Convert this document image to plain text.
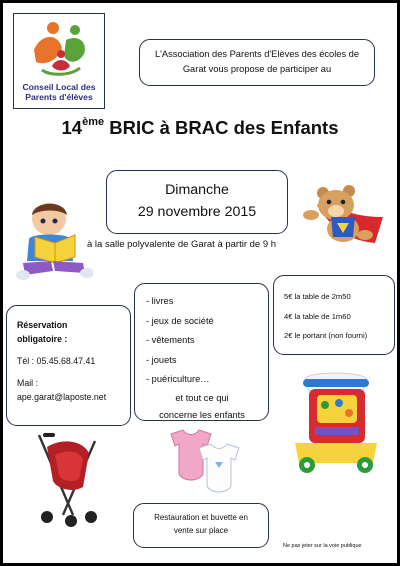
Conseil Local des
Parents d'élèves
L'Association des Parents d'Elèves des écoles de
Garat vous propose de participer au
14ème BRIC à BRAC des Enfants
Dimanche
29 novembre 2015
à la salle polyvalente de Garat à partir de 9 h
Réservation
obligatoire :
Tél : 05.45.68.47.41
Mail :
ape.garat@laposte.net
- livres
- jeux de société
- vêtements
- jouets
- puériculture…
et tout ce qui
concerne les enfants
5€ la table de 2m50
4€ la table de 1m60
2€ le portant (non fourni)
Restauration et buvette en
vente sur place
Ne pas jeter sur la voie publique
